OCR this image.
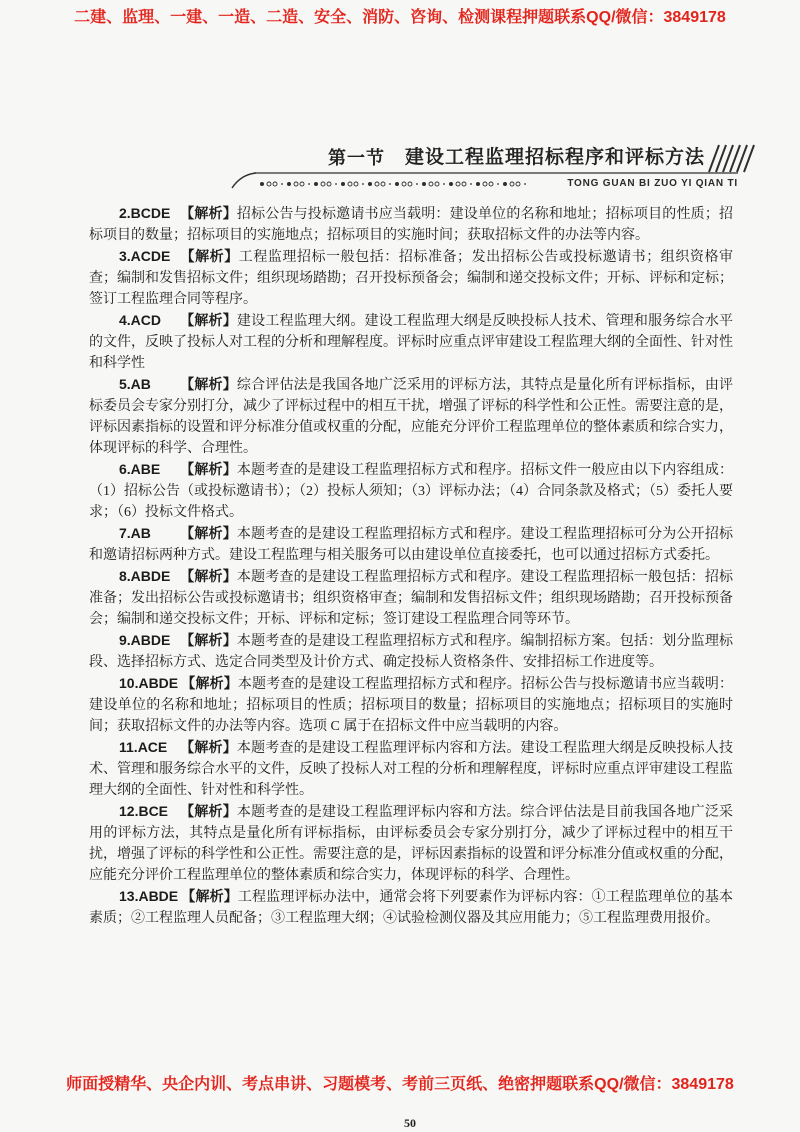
二建、监理、一建、一造、二造、安全、消防、咨询、检测课程押题联系QQ/微信：3849178
第一节 建设工程监理招标程序和评标方法
TONG GUAN BI ZUO YI QIAN TI

2.BCDE 【解析】招标公告与投标邀请书应当载明：建设单位的名称和地址；招标项目的性质；招标项目的数量；招标项目的实施地点；招标项目的实施时间；获取招标文件的办法等内容。

3.ACDE 【解析】工程监理招标一般包括：招标准备；发出招标公告或投标邀请书；组织资格审查；编制和发售招标文件；组织现场踏勘；召开投标预备会；编制和递交投标文件；开标、评标和定标；签订工程监理合同等程序。

4.ACD 【解析】建设工程监理大纲。建设工程监理大纲是反映投标人技术、管理和服务综合水平的文件，反映了投标人对工程的分析和理解程度。评标时应重点评审建设工程监理大纲的全面性、针对性和科学性

5.AB 【解析】综合评估法是我国各地广泛采用的评标方法，其特点是量化所有评标指标，由评标委员会专家分别打分，减少了评标过程中的相互干扰，增强了评标的科学性和公正性。需要注意的是，评标因素指标的设置和评分标准分值或权重的分配，应能充分评价工程监理单位的整体素质和综合实力，体现评标的科学、合理性。

6.ABE 【解析】本题考查的是建设工程监理招标方式和程序。招标文件一般应由以下内容组成：（1）招标公告（或投标邀请书）；（2）投标人须知；（3）评标办法；（4）合同条款及格式；（5）委托人要求；（6）投标文件格式。

7.AB 【解析】本题考查的是建设工程监理招标方式和程序。建设工程监理招标可分为公开招标和邀请招标两种方式。建设工程监理与相关服务可以由建设单位直接委托，也可以通过招标方式委托。

8.ABDE 【解析】本题考查的是建设工程监理招标方式和程序。建设工程监理招标一般包括：招标准备；发出招标公告或投标邀请书；组织资格审查；编制和发售招标文件；组织现场踏勘；召开投标预备会；编制和递交投标文件；开标、评标和定标；签订建设工程监理合同等环节。

9.ABDE 【解析】本题考查的是建设工程监理招标方式和程序。编制招标方案。包括：划分监理标段、选择招标方式、选定合同类型及计价方式、确定投标人资格条件、安排招标工作进度等。

10.ABDE 【解析】本题考查的是建设工程监理招标方式和程序。招标公告与投标邀请书应当载明：建设单位的名称和地址；招标项目的性质；招标项目的数量；招标项目的实施地点；招标项目的实施时间；获取招标文件的办法等内容。选项 C 属于在招标文件中应当载明的内容。

11.ACE 【解析】本题考查的是建设工程监理评标内容和方法。建设工程监理大纲是反映投标人技术、管理和服务综合水平的文件，反映了投标人对工程的分析和理解程度，评标时应重点评审建设工程监理大纲的全面性、针对性和科学性。

12.BCE 【解析】本题考查的是建设工程监理评标内容和方法。综合评估法是目前我国各地广泛采用的评标方法，其特点是量化所有评标指标，由评标委员会专家分别打分，减少了评标过程中的相互干扰，增强了评标的科学性和公正性。需要注意的是，评标因素指标的设置和评分标准分值或权重的分配，应能充分评价工程监理单位的整体素质和综合实力，体现评标的科学、合理性。

13.ABDE 【解析】工程监理评标办法中，通常会将下列要素作为评标内容：①工程监理单位的基本素质；②工程监理人员配备；③工程监理大纲；④试验检测仪器及其应用能力；⑤工程监理费用报价。

师面授精华、央企内训、考点串讲、习题模考、考前三页纸、绝密押题联系QQ/微信：3849178
50
